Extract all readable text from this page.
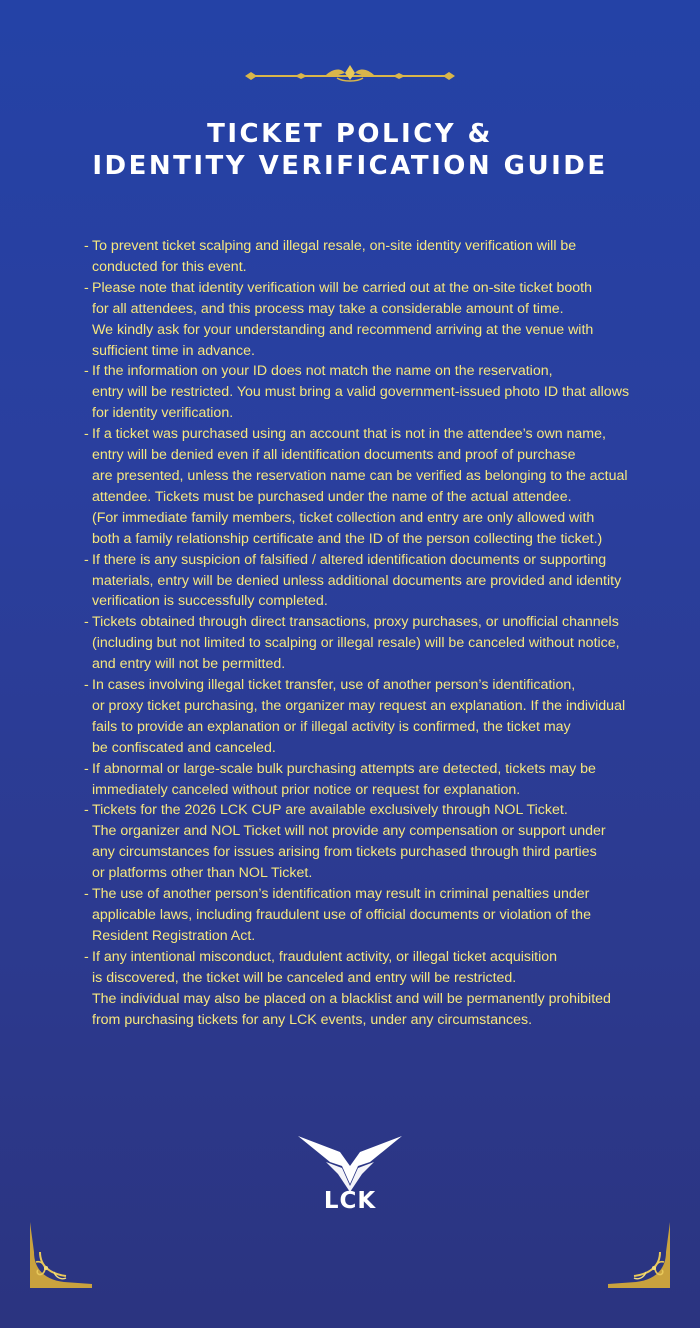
TICKET POLICY &
IDENTITY VERIFICATION GUIDE
- To prevent ticket scalping and illegal resale, on-site identity verification will be
conducted for this event.
- Please note that identity verification will be carried out at the on-site ticket booth
for all attendees, and this process may take a considerable amount of time.
We kindly ask for your understanding and recommend arriving at the venue with
sufficient time in advance.
- If the information on your ID does not match the name on the reservation,
entry will be restricted. You must bring a valid government-issued photo ID that allows
for identity verification.
- If a ticket was purchased using an account that is not in the attendee’s own name,
entry will be denied even if all identification documents and proof of purchase
are presented, unless the reservation name can be verified as belonging to the actual
attendee. Tickets must be purchased under the name of the actual attendee.
(For immediate family members, ticket collection and entry are only allowed with
both a family relationship certificate and the ID of the person collecting the ticket.)
- If there is any suspicion of falsified / altered identification documents or supporting
materials, entry will be denied unless additional documents are provided and identity
verification is successfully completed.
- Tickets obtained through direct transactions, proxy purchases, or unofficial channels
(including but not limited to scalping or illegal resale) will be canceled without notice,
and entry will not be permitted.
- In cases involving illegal ticket transfer, use of another person’s identification,
or proxy ticket purchasing, the organizer may request an explanation. If the individual
fails to provide an explanation or if illegal activity is confirmed, the ticket may
be confiscated and canceled.
- If abnormal or large-scale bulk purchasing attempts are detected, tickets may be
immediately canceled without prior notice or request for explanation.
- Tickets for the 2026 LCK CUP are available exclusively through NOL Ticket.
The organizer and NOL Ticket will not provide any compensation or support under
any circumstances for issues arising from tickets purchased through third parties
or platforms other than NOL Ticket.
- The use of another person’s identification may result in criminal penalties under
applicable laws, including fraudulent use of official documents or violation of the
Resident Registration Act.
- If any intentional misconduct, fraudulent activity, or illegal ticket acquisition
is discovered, the ticket will be canceled and entry will be restricted.
The individual may also be placed on a blacklist and will be permanently prohibited
from purchasing tickets for any LCK events, under any circumstances.
LCK
